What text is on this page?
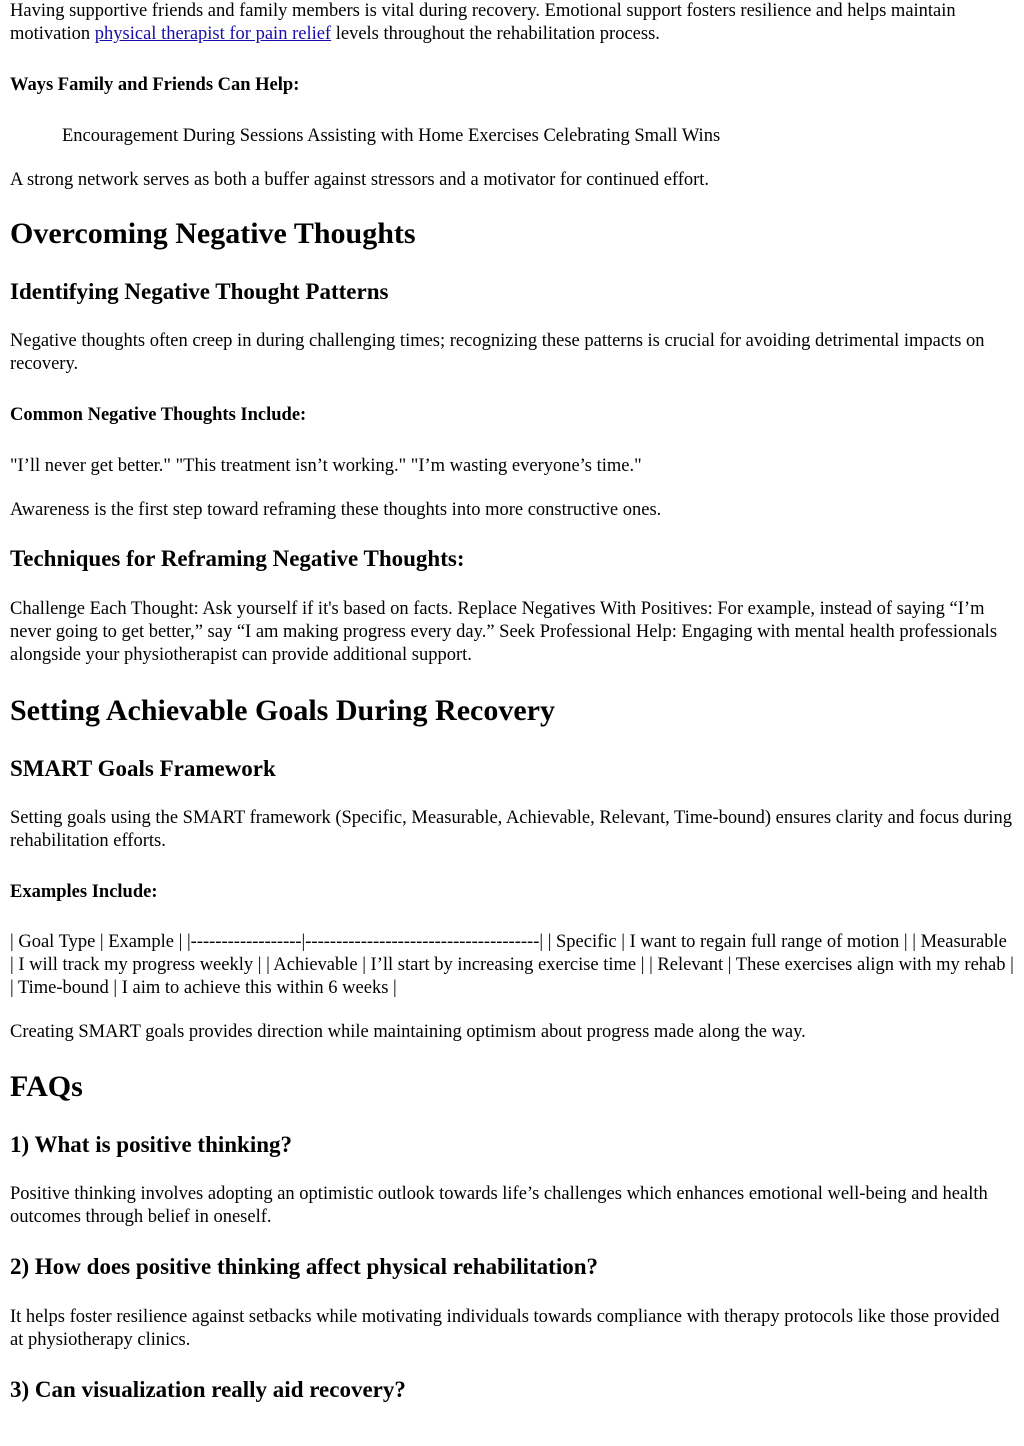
Having supportive friends and family members is vital during recovery. Emotional support fosters resilience and helps maintain motivation physical therapist for pain relief levels throughout the rehabilitation process.

Ways Family and Friends Can Help:

Encouragement During Sessions Assisting with Home Exercises Celebrating Small Wins

A strong network serves as both a buffer against stressors and a motivator for continued effort.

Overcoming Negative Thoughts
Identifying Negative Thought Patterns

Negative thoughts often creep in during challenging times; recognizing these patterns is crucial for avoiding detrimental impacts on recovery.

Common Negative Thoughts Include:

"I’ll never get better." "This treatment isn’t working." "I’m wasting everyone’s time."

Awareness is the first step toward reframing these thoughts into more constructive ones.

Techniques for Reframing Negative Thoughts:

Challenge Each Thought: Ask yourself if it's based on facts. Replace Negatives With Positives: For example, instead of saying “I’m never going to get better,” say “I am making progress every day.” Seek Professional Help: Engaging with mental health professionals alongside your physiotherapist can provide additional support.

Setting Achievable Goals During Recovery
SMART Goals Framework

Setting goals using the SMART framework (Specific, Measurable, Achievable, Relevant, Time-bound) ensures clarity and focus during rehabilitation efforts.

Examples Include:

| Goal Type | Example | |------------------|--------------------------------------| | Specific | I want to regain full range of motion | | Measurable | I will track my progress weekly | | Achievable | I’ll start by increasing exercise time | | Relevant | These exercises align with my rehab | | Time-bound | I aim to achieve this within 6 weeks |

Creating SMART goals provides direction while maintaining optimism about progress made along the way.

FAQs
1) What is positive thinking?

Positive thinking involves adopting an optimistic outlook towards life’s challenges which enhances emotional well-being and health outcomes through belief in oneself.

2) How does positive thinking affect physical rehabilitation?

It helps foster resilience against setbacks while motivating individuals towards compliance with therapy protocols like those provided at physiotherapy clinics.

3) Can visualization really aid recovery?
